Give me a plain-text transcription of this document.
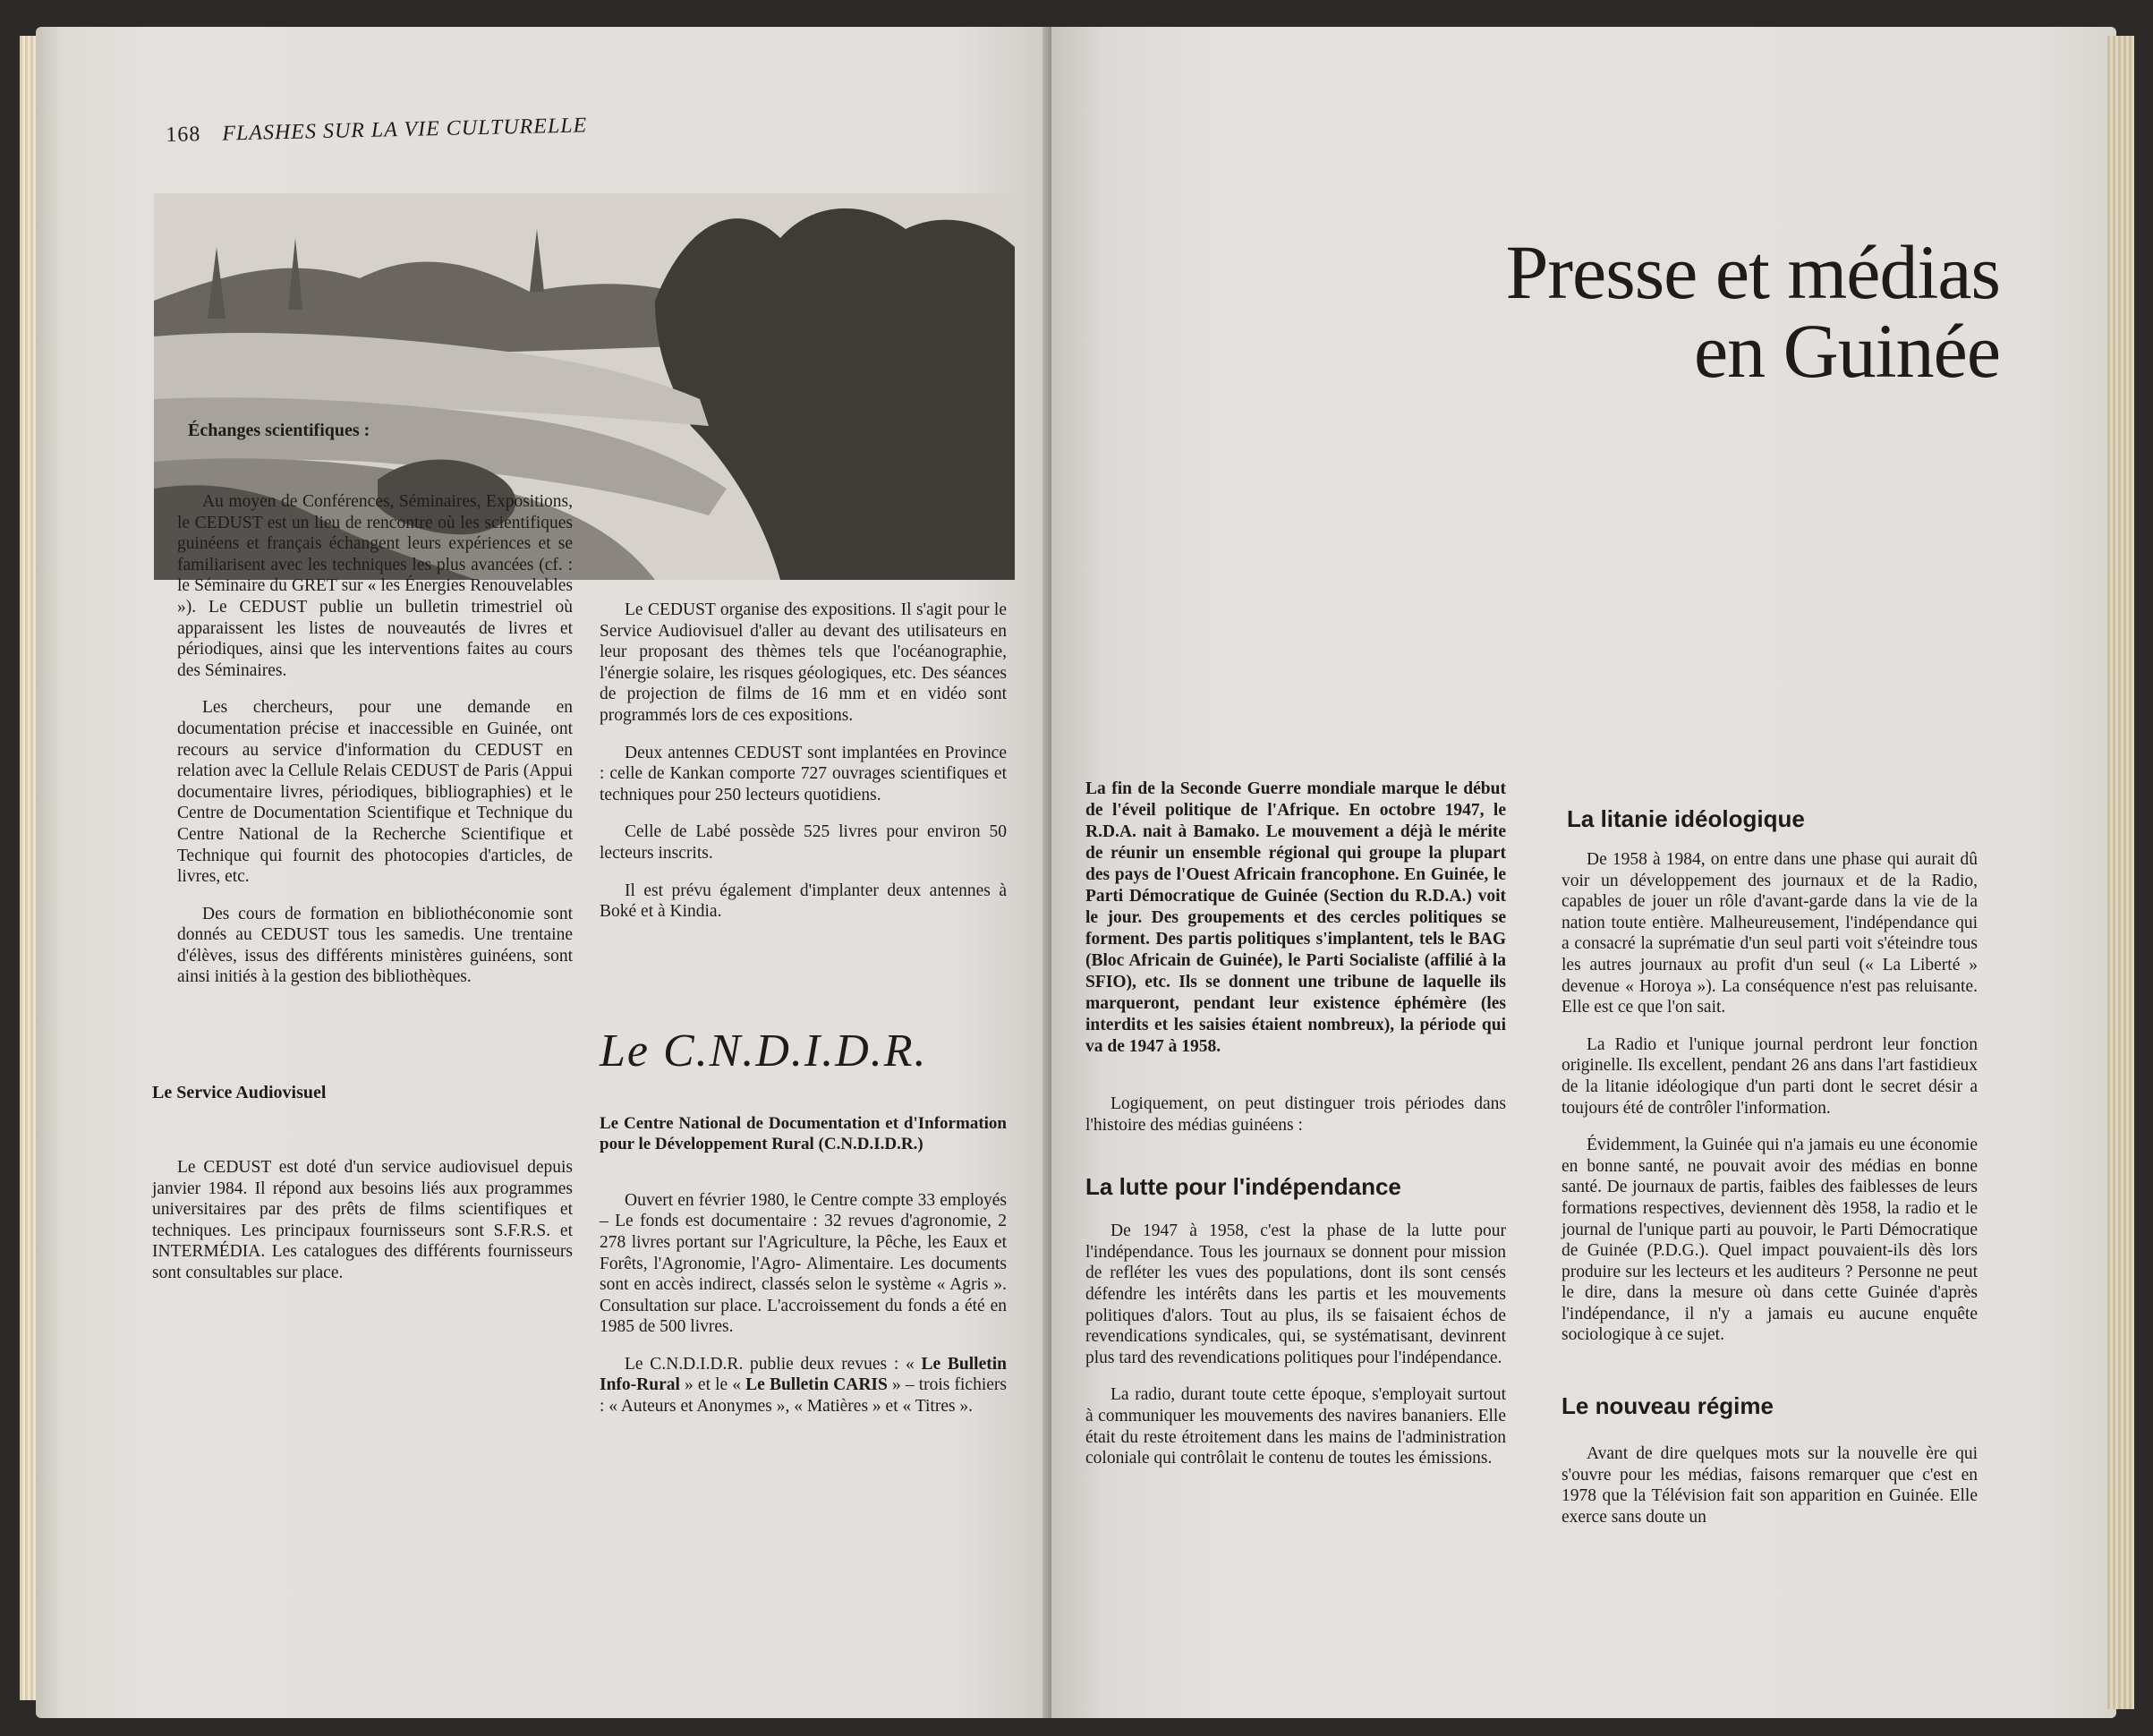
168 FLASHES SUR LA VIE CULTURELLE
Échanges scientifiques :

Au moyen de Conférences, Séminaires, Expositions, le CEDUST est un lieu de rencontre où les scientifiques guinéens et français échangent leurs expériences et se familiarisent avec les techniques les plus avancées (cf. : le Séminaire du GRET sur « les Énergies Renouvelables »). Le CEDUST publie un bulletin trimestriel où apparaissent les listes de nouveautés de livres et périodiques, ainsi que les interventions faites au cours des Séminaires.

Les chercheurs, pour une demande en documentation précise et inaccessible en Guinée, ont recours au service d'information du CEDUST en relation avec la Cellule Relais CEDUST de Paris (Appui documentaire livres, périodiques, bibliographies) et le Centre de Documentation Scientifique et Technique du Centre National de la Recherche Scientifique et Technique qui fournit des photocopies d'articles, de livres, etc.

Des cours de formation en bibliothéconomie sont donnés au CEDUST tous les samedis. Une trentaine d'élèves, issus des différents ministères guinéens, sont ainsi initiés à la gestion des bibliothèques.

Le Service Audiovisuel

Le CEDUST est doté d'un service audiovisuel depuis janvier 1984. Il répond aux besoins liés aux programmes universitaires par des prêts de films scientifiques et techniques. Les principaux fournisseurs sont S.F.R.S. et INTERMÉDIA. Les catalogues des différents fournisseurs sont consultables sur place.

Le CEDUST organise des expositions. Il s'agit pour le Service Audiovisuel d'aller au devant des utilisateurs en leur proposant des thèmes tels que l'océanographie, l'énergie solaire, les risques géologiques, etc. Des séances de projection de films de 16 mm et en vidéo sont programmés lors de ces expositions.

Deux antennes CEDUST sont implantées en Province : celle de Kankan comporte 727 ouvrages scientifiques et techniques pour 250 lecteurs quotidiens.

Celle de Labé possède 525 livres pour environ 50 lecteurs inscrits.

Il est prévu également d'implanter deux antennes à Boké et à Kindia.

Le C.N.D.I.D.R.

Le Centre National de Documentation et d'Information pour le Développement Rural (C.N.D.I.D.R.)

Ouvert en février 1980, le Centre compte 33 employés – Le fonds est documentaire : 32 revues d'agronomie, 2 278 livres portant sur l'Agriculture, la Pêche, les Eaux et Forêts, l'Agronomie, l'Agro- Alimentaire. Les documents sont en accès indirect, classés selon le système « Agris ». Consultation sur place. L'accroissement du fonds a été en 1985 de 500 livres.

Le C.N.D.I.D.R. publie deux revues : « Le Bulletin Info-Rural » et le « Le Bulletin CARIS » – trois fichiers : « Auteurs et Anonymes », « Matières » et « Titres ».

Presse et médias
en Guinée

La fin de la Seconde Guerre mondiale marque le début de l'éveil politique de l'Afrique. En octobre 1947, le R.D.A. nait à Bamako. Le mouvement a déjà le mérite de réunir un ensemble régional qui groupe la plupart des pays de l'Ouest Africain francophone. En Guinée, le Parti Démocratique de Guinée (Section du R.D.A.) voit le jour. Des groupements et des cercles politiques se forment. Des partis politiques s'implantent, tels le BAG (Bloc Africain de Guinée), le Parti Socialiste (affilié à la SFIO), etc. Ils se donnent une tribune de laquelle ils marqueront, pendant leur existence éphémère (les interdits et les saisies étaient nombreux), la période qui va de 1947 à 1958.

Logiquement, on peut distinguer trois périodes dans l'histoire des médias guinéens :

La lutte pour l'indépendance

De 1947 à 1958, c'est la phase de la lutte pour l'indépendance. Tous les journaux se donnent pour mission de refléter les vues des populations, dont ils sont censés défendre les intérêts dans les partis et les mouvements politiques d'alors. Tout au plus, ils se faisaient échos de revendications syndicales, qui, se systématisant, devinrent plus tard des revendications politiques pour l'indépendance.

La radio, durant toute cette époque, s'employait surtout à communiquer les mouvements des navires bananiers. Elle était du reste étroitement dans les mains de l'administration coloniale qui contrôlait le contenu de toutes les émissions.

La litanie idéologique

De 1958 à 1984, on entre dans une phase qui aurait dû voir un développement des journaux et de la Radio, capables de jouer un rôle d'avant-garde dans la vie de la nation toute entière. Malheureusement, l'indépendance qui a consacré la suprématie d'un seul parti voit s'éteindre tous les autres journaux au profit d'un seul (« La Liberté » devenue « Horoya »). La conséquence n'est pas reluisante. Elle est ce que l'on sait.

La Radio et l'unique journal perdront leur fonction originelle. Ils excellent, pendant 26 ans dans l'art fastidieux de la litanie idéologique d'un parti dont le secret désir a toujours été de contrôler l'information.

Évidemment, la Guinée qui n'a jamais eu une économie en bonne santé, ne pouvait avoir des médias en bonne santé. De journaux de partis, faibles des faiblesses de leurs formations respectives, deviennent dès 1958, la radio et le journal de l'unique parti au pouvoir, le Parti Démocratique de Guinée (P.D.G.). Quel impact pouvaient-ils dès lors produire sur les lecteurs et les auditeurs ? Personne ne peut le dire, dans la mesure où dans cette Guinée d'après l'indépendance, il n'y a jamais eu aucune enquête sociologique à ce sujet.

Le nouveau régime

Avant de dire quelques mots sur la nouvelle ère qui s'ouvre pour les médias, faisons remarquer que c'est en 1978 que la Télévision fait son apparition en Guinée. Elle exerce sans doute un
